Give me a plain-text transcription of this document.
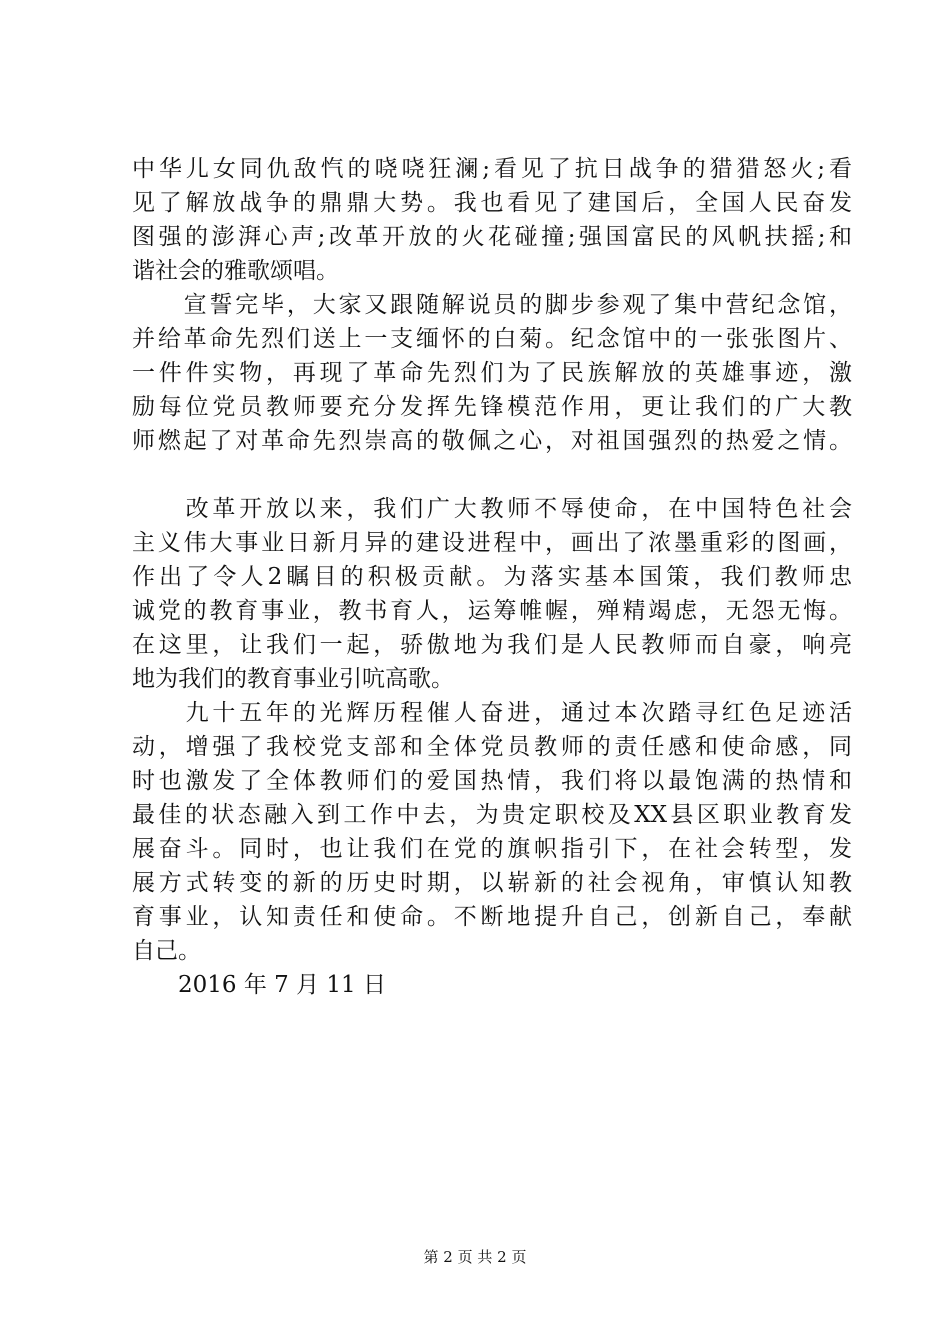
中华儿女同仇敌忾的哓哓狂澜;看见了抗日战争的猎猎怒火;看
见了解放战争的鼎鼎大势。我也看见了建国后，全国人民奋发
图强的澎湃心声;改革开放的火花碰撞;强国富民的风帆扶摇;和
谐社会的雅歌颂唱。
　　宣誓完毕，大家又跟随解说员的脚步参观了集中营纪念馆，
并给革命先烈们送上一支缅怀的白菊。纪念馆中的一张张图片、
一件件实物，再现了革命先烈们为了民族解放的英雄事迹，激
励每位党员教师要充分发挥先锋模范作用，更让我们的广大教
师燃起了对革命先烈崇高的敬佩之心，对祖国强烈的热爱之情。
　　改革开放以来，我们广大教师不辱使命，在中国特色社会
主义伟大事业日新月异的建设进程中，画出了浓墨重彩的图画，
作出了令人2瞩目的积极贡献。为落实基本国策，我们教师忠
诚党的教育事业，教书育人，运筹帷幄，殚精竭虑，无怨无悔。
在这里，让我们一起，骄傲地为我们是人民教师而自豪，响亮
地为我们的教育事业引吭高歌。
　　九十五年的光辉历程催人奋进，通过本次踏寻红色足迹活
动，增强了我校党支部和全体党员教师的责任感和使命感，同
时也激发了全体教师们的爱国热情，我们将以最饱满的热情和
最佳的状态融入到工作中去，为贵定职校及XX县区职业教育发
展奋斗。同时，也让我们在党的旗帜指引下，在社会转型，发
展方式转变的新的历史时期，以崭新的社会视角，审慎认知教
育事业，认知责任和使命。不断地提升自己，创新自己，奉献
自己。
　　2016 年 7 月 11 日
第 2 页 共 2 页
